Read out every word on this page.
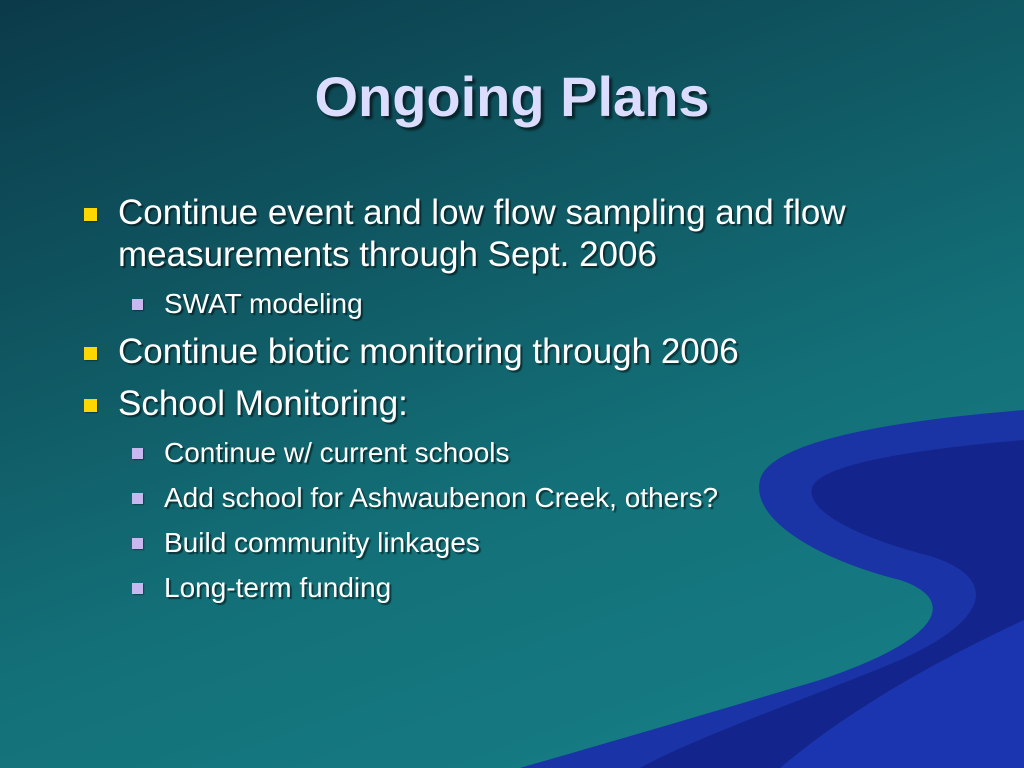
Ongoing Plans
Continue event and low flow sampling and flow measurements through Sept. 2006
SWAT modeling
Continue biotic monitoring through 2006
School Monitoring:
Continue w/ current schools
Add school for Ashwaubenon Creek, others?
Build community linkages
Long-term funding
